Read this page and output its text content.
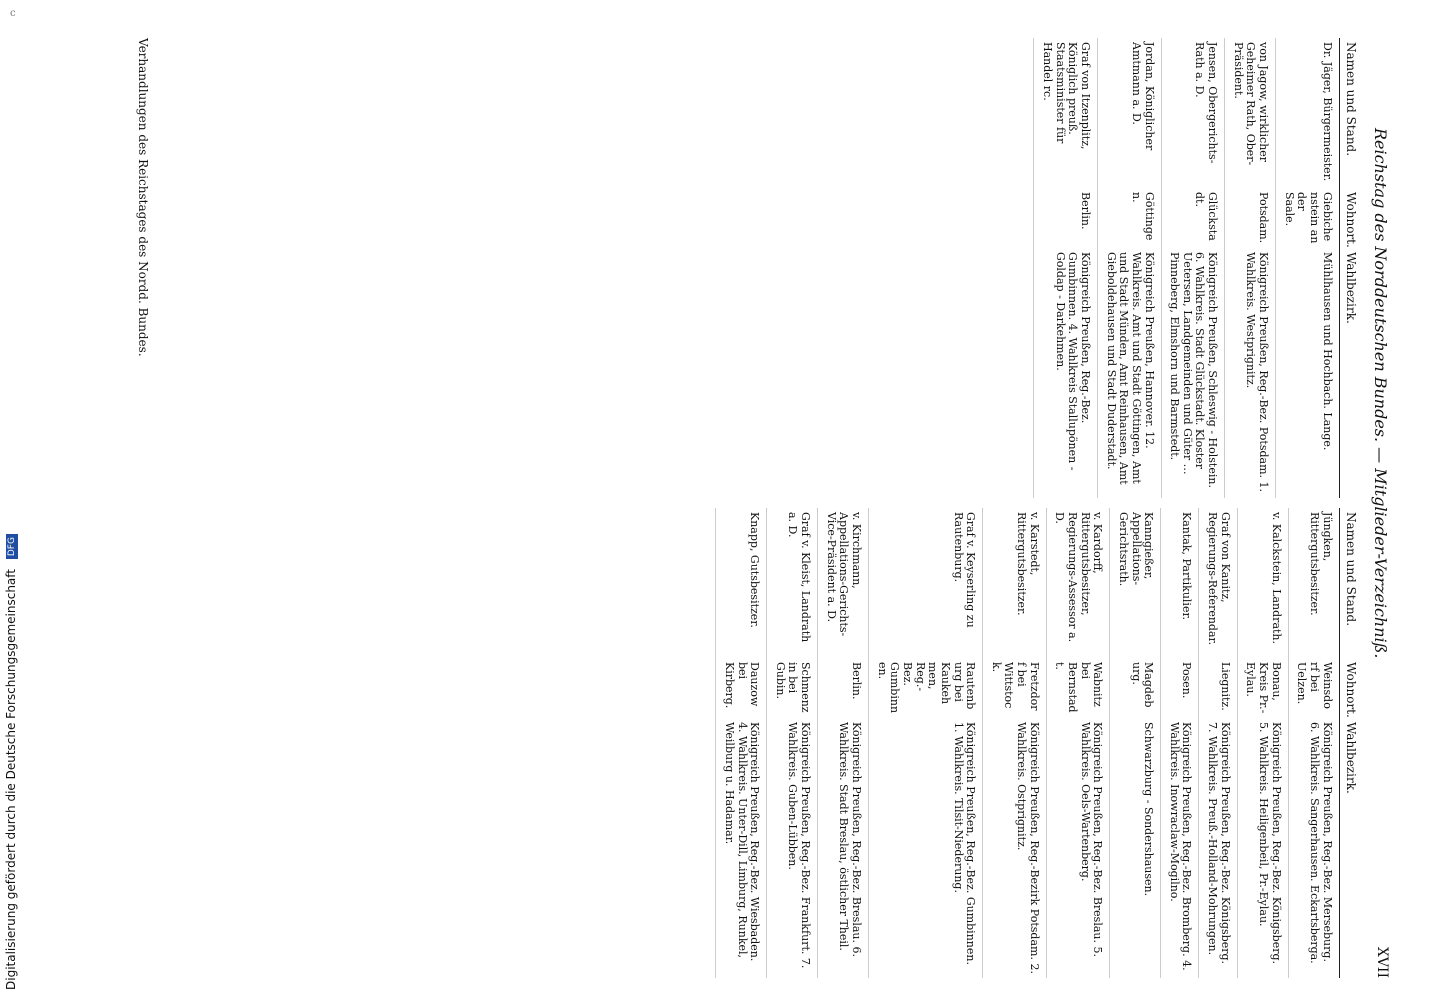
c
Reichstag des Norddeutschen Bundes. — Mitglieder-Verzeichniß.
XVII
Namen und Stand.
Wohnort.
Wahlbezirk.
Dr. Jäger, Bürgermeister.
Giebichenstein an der Saale.
Mühlhausen und Hochbach. Lange.
von Jagow, wirklicher Geheimer Rath, Ober-Präsident.
Potsdam.
Königreich Preußen, Reg.-Bez. Potsdam. 1. Wahlkreis. Westprignitz.
Jensen, Obergerichts-Rath a. D.
Glückstadt.
Königreich Preußen, Schleswig - Holstein. 6. Wahlkreis. Stadt Glückstadt. Kloster Uetersen, Landgemeinden und Güter … Pinneberg, Elmshorn und Barmstedt.
Jordan, Königlicher Amtmann a. D.
Göttingen.
Königreich Preußen, Hannover. 12. Wahlkreis. Amt und Stadt Göttingen, Amt und Stadt Münden, Amt Reinhausen, Amt Gieboldehausen und Stadt Duderstadt.
Graf von Itzenplitz, Königlich preuß. Staatsminister für Handel rc.
Berlin.
Königreich Preußen, Reg.-Bez. Gumbinnen. 4. Wahlkreis Stallupönen - Goldap - Darkehmen.
Namen und Stand.
Wohnort.
Wahlbezirk.
Jüngken, Rittergutsbesitzer.
Weinsdorf bei Uelzen.
Königreich Preußen, Reg.-Bez. Merseburg. 6. Wahlkreis. Sangerhausen. Eckartsberga.
v. Kalckstein, Landrath.
Bonau, Kreis Pr.-Eylau.
Königreich Preußen, Reg.-Bez. Königsberg. 5. Wahlkreis. Heiligenbeil, Pr.-Eylau.
Graf von Kanitz, Regierungs-Referendar.
Liegnitz.
Königreich Preußen, Reg.-Bez. Königsberg. 7. Wahlkreis. Preuß.-Holland-Mohrungen.
Kantak, Partikulier.
Posen.
Königreich Preußen, Reg.-Bez. Bromberg. 4. Wahlkreis. Inowraclaw-Mogilno.
Kanngießer, Appellations-Gerichtsrath.
Magdeburg.
Schwarzburg - Sondershausen.
v. Kardorff, Rittergutsbesitzer, Regierungs-Assessor a. D.
Wabnitz bei Bernstadt.
Königreich Preußen, Reg.-Bez. Breslau. 5. Wahlkreis. Oels-Wartenberg.
v. Karstedt, Rittergutsbesitzer.
Fretzdorf bei Wittstock.
Königreich Preußen, Reg.-Bezirk Potsdam. 2. Wahlkreis. Ostprignitz.
Graf v. Keyserling zu Rautenburg.
Rautenburg bei Kaukehmen, Reg.-Bez. Gumbinnen.
Königreich Preußen, Reg.-Bez. Gumbinnen. 1. Wahlkreis. Tilsit-Niederung.
v. Kirchmann, Appellations-Gerichts-Vice-Präsident a. D.
Berlin.
Königreich Preußen, Reg.-Bez. Breslau. 6. Wahlkreis. Stadt Breslau, östlicher Theil.
Graf v. Kleist, Landrath a. D.
Schmenzin bei Gubin.
Königreich Preußen, Reg.-Bez. Frankfurt. 7. Wahlkreis. Guben-Lübben.
Knapp, Gutsbesitzer.
Dauzow bei Kirberg.
Königreich Preußen, Reg.-Bez. Wiesbaden. 4. Wahlkreis. Unter-Dill, Limburg, Runkel, Weilburg u. Hadamar.
Verhandlungen des Reichstages des Nordd. Bundes.
Digitalisierung gefördert durch die Deutsche Forschungsgemeinschaft DFG
